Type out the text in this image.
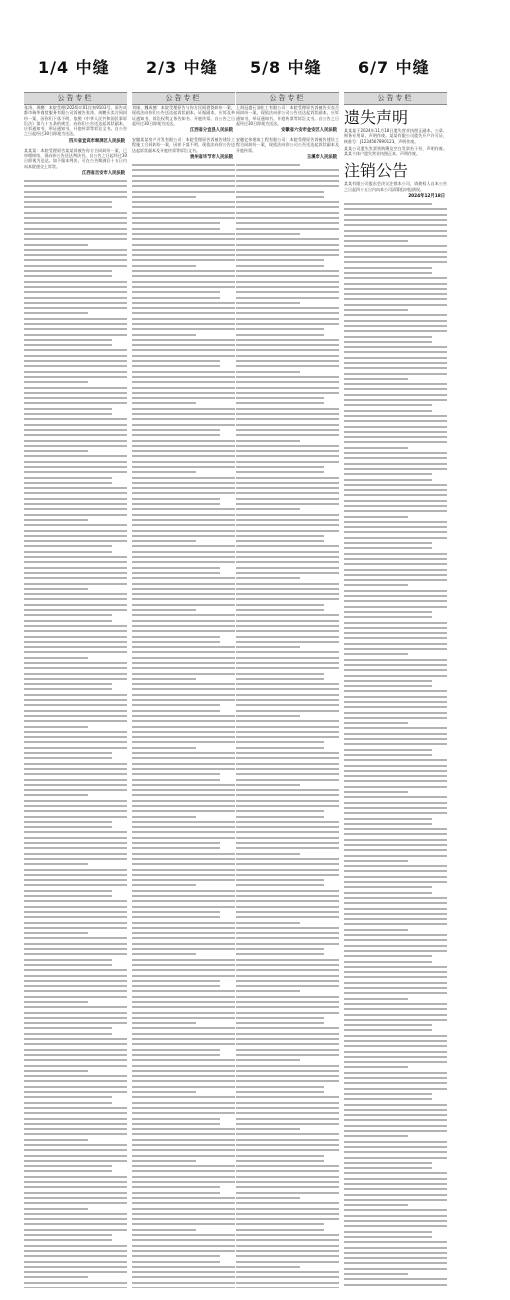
1/4 中缝 2/3 中缝 5/8 中缝 6/7 中缝
公告专栏
张涛、周鹏：本院受理(2024)川01民初9103号，原告成都市瑞华商贸服务有限公司诉被告张涛、周鹏买卖合同纠纷一案，因你们下落不明，依照《中华人民共和国民事诉讼法》第九十五条的规定，向你们公告送达起诉状副本、应诉通知书、举证通知书、开庭传票等诉讼文书。自公告之日起经过30日即视为送达。
四川省宜宾市翠屏区人民法院
某某某：本院受理原告某某诉被告你方合同纠纷一案，已审理终结，现向你公告送达判决书。自公告之日起经过30日即视为送达。如不服本判决，可在公告期满后十五日内向本院递交上诉状。
江西省吉安市人民法院
公告专栏
刘刚、魏成德：本院受理原告与你方民间借贷纠纷一案，现依法向你们公告送达起诉状副本、证据副本、应诉及举证通知书、诉讼权利义务告知书、开庭传票。自公告之日起经过30日即视为送达。
江西省分宜县人民法院
安徽某某房产开发有限公司：本院受理原告诉被告建设工程施工合同纠纷一案，因你下落不明，现依法向你公告送达起诉状副本及开庭传票等诉讼文书。
贵州省毕节市人民法院
公告专栏
上海冠盛石油化工有限公司：本院受理原告诉被告买卖合同纠纷一案，现依法向你公司公告送达起诉状副本、应诉通知书、举证通知书、开庭传票等诉讼文书。自公告之日起经过30日即视为送达。
安徽省六安市金安区人民法院
安徽亿伟建筑工程有限公司：本院受理原告诉被告建设工程合同纠纷一案，现依法向你公司公告送达起诉状副本及开庭传票。
玉溪市人民法院
公告专栏
遗失声明
某某某于2024年11月18日遗失营业执照正副本、公章、财务专用章，声明作废。某某有限公司遗失开户许可证，核准号：J1234567890123，声明作废。
某某公司遗失发票领购簿及空白发票若干份，声明作废。某某个体户遗失营业执照正本，声明作废。
注销公告
某某有限公司股东会决议注销本公司，请债权人自本公告之日起四十五日内向本公司清算组申报债权。
2024年12月18日
